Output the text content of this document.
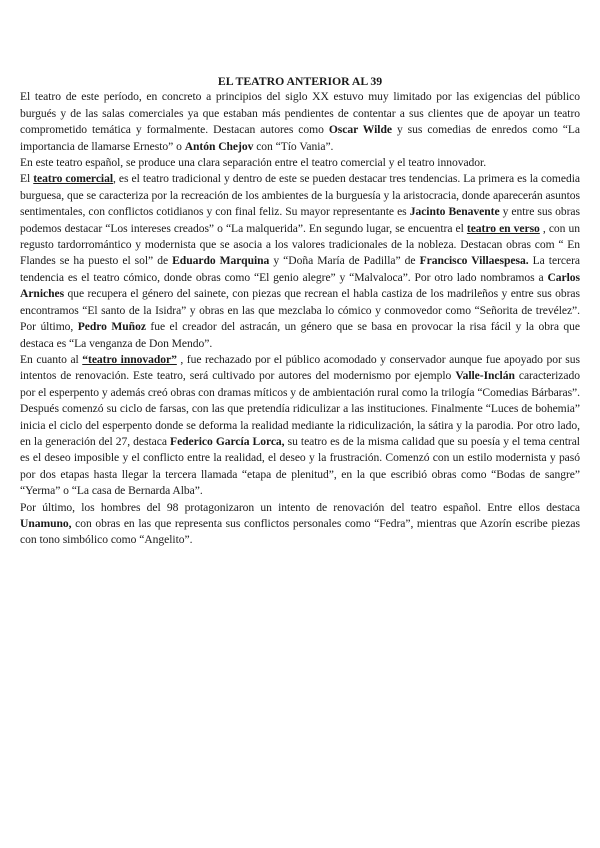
EL TEATRO ANTERIOR AL 39

El teatro de este período, en concreto a principios del siglo XX estuvo muy limitado por las exigencias del público burgués y de las salas comerciales ya que estaban más pendientes de contentar a sus clientes que de apoyar un teatro comprometido temática y formalmente. Destacan autores como Oscar Wilde y sus comedias de enredos como “La importancia de llamarse Ernesto” o Antón Chejov con “Tío Vania”.

En este teatro español, se produce una clara separación entre el teatro comercial y el teatro innovador.

El teatro comercial, es el teatro tradicional y dentro de este se pueden destacar tres tendencias. La primera es la comedia burguesa, que se caracteriza por la recreación de los ambientes de la burguesía y la aristocracia, donde aparecerán asuntos sentimentales, con conflictos cotidianos y con final feliz. Su mayor representante es Jacinto Benavente y entre sus obras podemos destacar “Los intereses creados” o “La malquerida”. En segundo lugar, se encuentra el teatro en verso , con un regusto tardorromántico y modernista que se asocia a los valores tradicionales de la nobleza. Destacan obras com “ En Flandes se ha puesto el sol” de Eduardo Marquina y “Doña María de Padilla” de Francisco Villaespesa. La tercera tendencia es el teatro cómico, donde obras como “El genio alegre” y “Malvaloca”. Por otro lado nombramos a Carlos Arniches que recupera el género del sainete, con piezas que recrean el habla castiza de los madrileños y entre sus obras encontramos “El santo de la Isidra” y obras en las que mezclaba lo cómico y conmovedor como “Señorita de trevélez”. Por último, Pedro Muñoz fue el creador del astracán, un género que se basa en provocar la risa fácil y la obra que destaca es “La venganza de Don Mendo”.

En cuanto al “teatro innovador” , fue rechazado por el público acomodado y conservador aunque fue apoyado por sus intentos de renovación. Este teatro, será cultivado por autores del modernismo por ejemplo Valle-Inclán caracterizado por el esperpento y además creó obras con dramas míticos y de ambientación rural como la trilogía “Comedias Bárbaras”. Después comenzó su ciclo de farsas, con las que pretendía ridiculizar a las instituciones. Finalmente “Luces de bohemia” inicia el ciclo del esperpento donde se deforma la realidad mediante la ridiculización, la sátira y la parodia. Por otro lado, en la generación del 27, destaca Federico García Lorca, su teatro es de la misma calidad que su poesía y el tema central es el deseo imposible y el conflicto entre la realidad, el deseo y la frustración. Comenzó con un estilo modernista y pasó por dos etapas hasta llegar la tercera llamada “etapa de plenitud”, en la que escribió obras como “Bodas de sangre” “Yerma” o “La casa de Bernarda Alba”.

Por último, los hombres del 98 protagonizaron un intento de renovación del teatro español. Entre ellos destaca Unamuno, con obras en las que representa sus conflictos personales como “Fedra”, mientras que Azorín escribe piezas con tono simbólico como “Angelito”.
